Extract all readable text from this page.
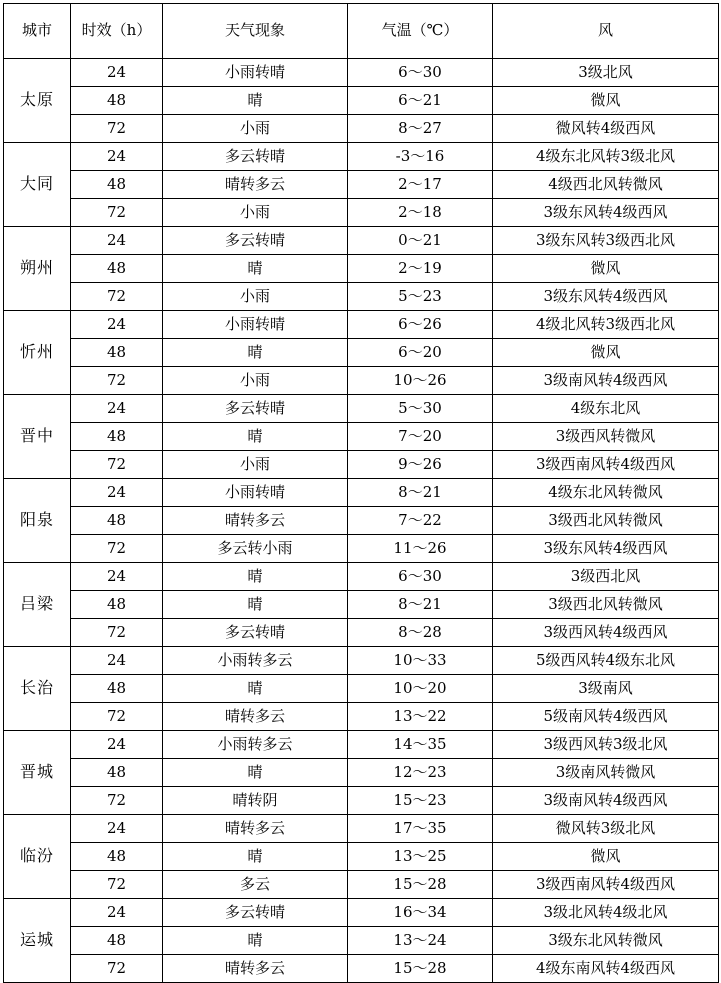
城市	时效（h）	天气现象	气温（℃）	风
太原	24	小雨转晴	6～30	3级北风
	48	晴	6～21	微风
	72	小雨	8～27	微风转4级西风
大同	24	多云转晴	-3～16	4级东北风转3级北风
	48	晴转多云	2～17	4级西北风转微风
	72	小雨	2～18	3级东风转4级西风
朔州	24	多云转晴	0～21	3级东风转3级西北风
	48	晴	2～19	微风
	72	小雨	5～23	3级东风转4级西风
忻州	24	小雨转晴	6～26	4级北风转3级西北风
	48	晴	6～20	微风
	72	小雨	10～26	3级南风转4级西风
晋中	24	多云转晴	5～30	4级东北风
	48	晴	7～20	3级西风转微风
	72	小雨	9～26	3级西南风转4级西风
阳泉	24	小雨转晴	8～21	4级东北风转微风
	48	晴转多云	7～22	3级西北风转微风
	72	多云转小雨	11～26	3级东风转4级西风
吕梁	24	晴	6～30	3级西北风
	48	晴	8～21	3级西北风转微风
	72	多云转晴	8～28	3级西风转4级西风
长治	24	小雨转多云	10～33	5级西风转4级东北风
	48	晴	10～20	3级南风
	72	晴转多云	13～22	5级南风转4级西风
晋城	24	小雨转多云	14～35	3级西风转3级北风
	48	晴	12～23	3级南风转微风
	72	晴转阴	15～23	3级南风转4级西风
临汾	24	晴转多云	17～35	微风转3级北风
	48	晴	13～25	微风
	72	多云	15～28	3级西南风转4级西风
运城	24	多云转晴	16～34	3级北风转4级北风
	48	晴	13～24	3级东北风转微风
	72	晴转多云	15～28	4级东南风转4级西风
